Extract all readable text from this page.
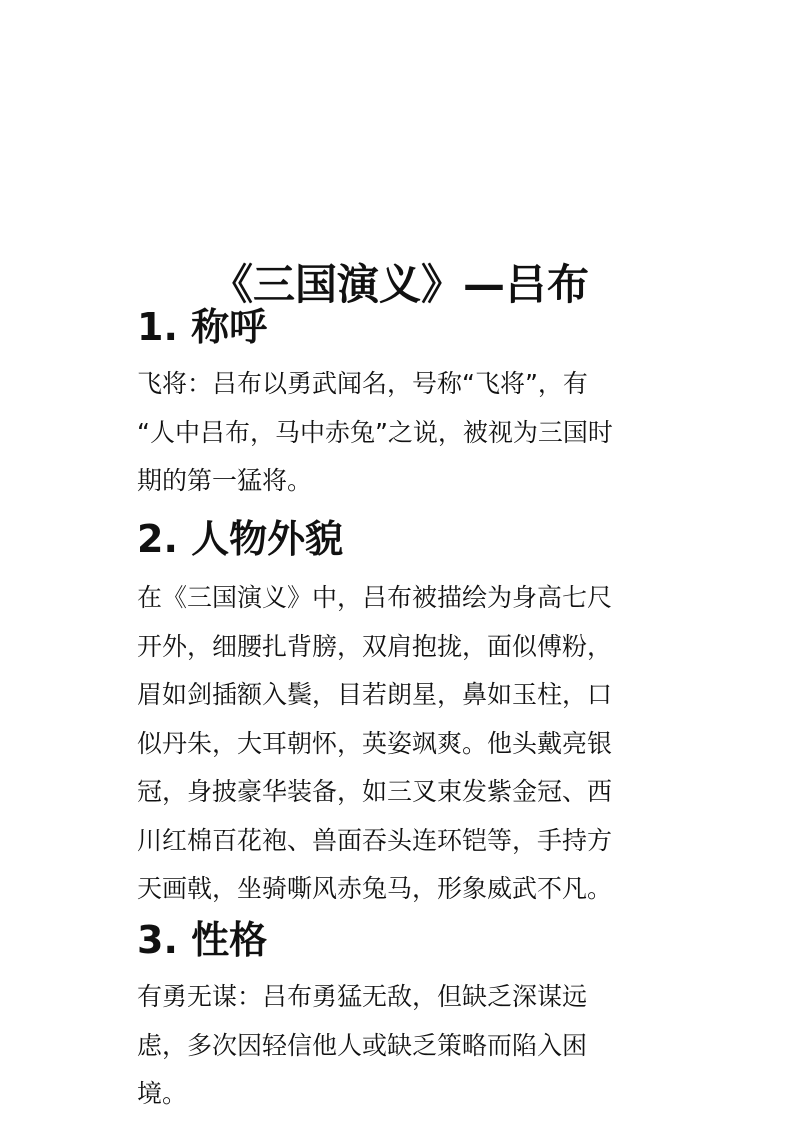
《三国演义》—吕布
1. 称呼
飞将：吕布以勇武闻名，号称“飞将”，有
“人中吕布，马中赤兔”之说，被视为三国时
期的第一猛将。
2. 人物外貌
在《三国演义》中，吕布被描绘为身高七尺
开外，细腰扎背膀，双肩抱拢，面似傅粉，
眉如剑插额入鬓，目若朗星，鼻如玉柱，口
似丹朱，大耳朝怀，英姿飒爽。他头戴亮银
冠，身披豪华装备，如三叉束发紫金冠、西
川红棉百花袍、兽面吞头连环铠等，手持方
天画戟，坐骑嘶风赤兔马，形象威武不凡。
3. 性格
有勇无谋：吕布勇猛无敌，但缺乏深谋远
虑，多次因轻信他人或缺乏策略而陷入困
境。
